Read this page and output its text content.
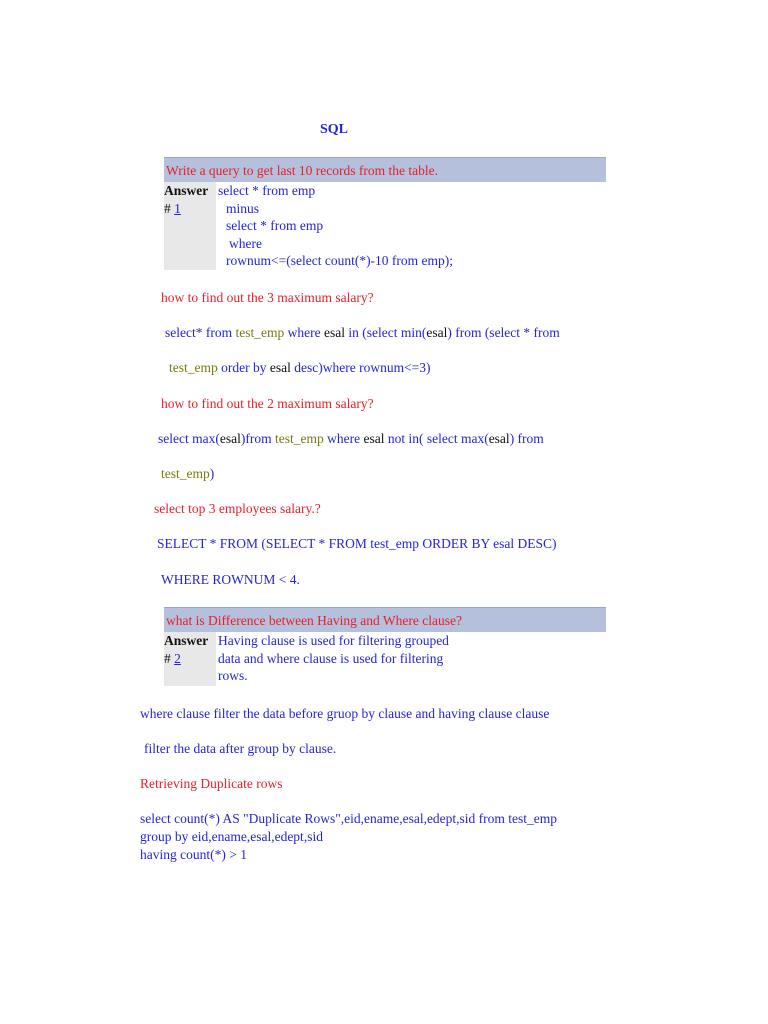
SQL
Write a query to get last 10 records from the table.
Answer
# 1
select * from emp
minus
select * from emp
where
rownum<=(select count(*)-10 from emp);
how to find out the 3 maximum salary?
select* from test_emp where esal in (select min(esal) from (select * from
test_emp order by esal desc)where rownum<=3)
how to find out the 2 maximum salary?
select max(esal)from test_emp where esal not in( select max(esal) from
test_emp)
select top 3 employees salary.?
SELECT * FROM (SELECT * FROM test_emp ORDER BY esal DESC)
WHERE ROWNUM < 4.
what is Difference between Having and Where clause?
Answer
# 2
Having clause is used for filtering grouped
data and where clause is used for filtering
rows.
where clause filter the data before gruop by clause and having clause clause
filter the data after group by clause.
Retrieving Duplicate rows
select count(*) AS "Duplicate Rows",eid,ename,esal,edept,sid from test_emp
group by eid,ename,esal,edept,sid
having count(*) > 1
